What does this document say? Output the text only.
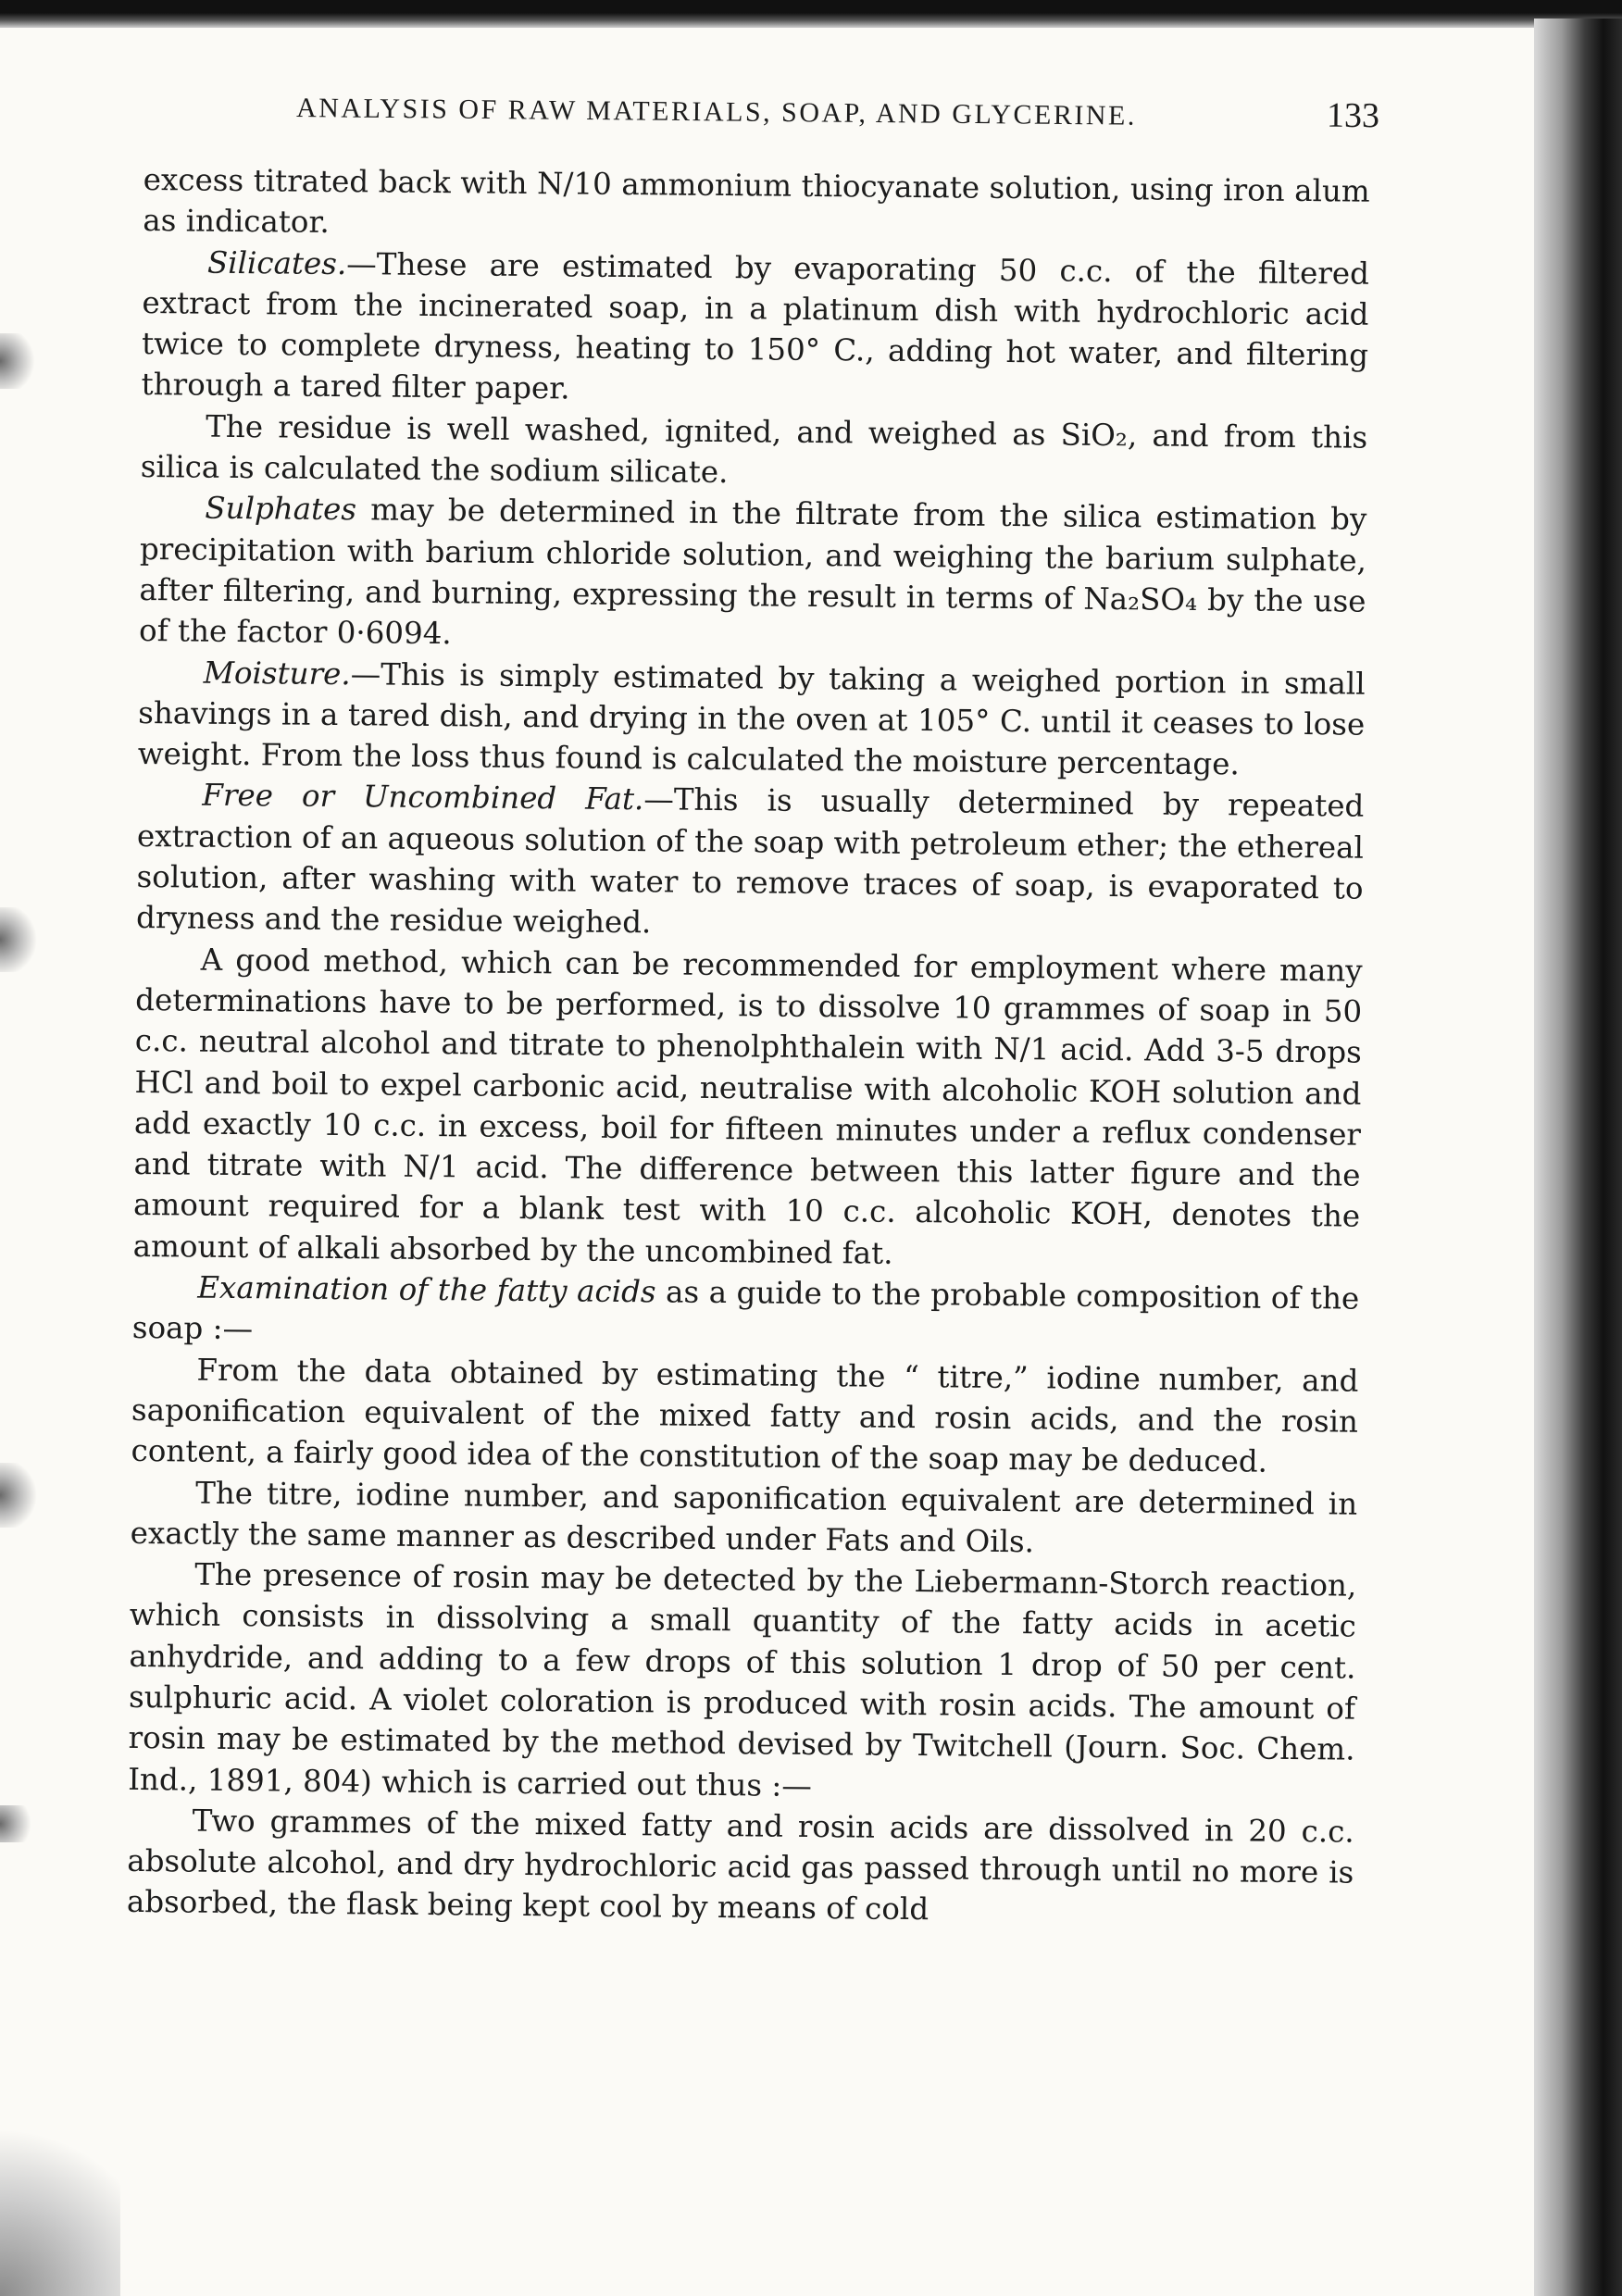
ANALYSIS OF RAW MATERIALS, SOAP, AND GLYCERINE.	133

excess titrated back with N/10 ammonium thiocyanate solution, using iron alum as indicator.

Silicates.—These are estimated by evaporating 50 c.c. of the filtered extract from the incinerated soap, in a platinum dish with hydrochloric acid twice to complete dryness, heating to 150° C., adding hot water, and filtering through a tared filter paper.

The residue is well washed, ignited, and weighed as SiO₂, and from this silica is calculated the sodium silicate.

Sulphates may be determined in the filtrate from the silica estimation by precipitation with barium chloride solution, and weighing the barium sulphate, after filtering, and burning, expressing the result in terms of Na₂SO₄ by the use of the factor 0·6094.

Moisture.—This is simply estimated by taking a weighed portion in small shavings in a tared dish, and drying in the oven at 105° C. until it ceases to lose weight. From the loss thus found is calculated the moisture percentage.

Free or Uncombined Fat.—This is usually determined by repeated extraction of an aqueous solution of the soap with petroleum ether; the ethereal solution, after washing with water to remove traces of soap, is evaporated to dryness and the residue weighed.

A good method, which can be recommended for employment where many determinations have to be performed, is to dissolve 10 grammes of soap in 50 c.c. neutral alcohol and titrate to phenolphthalein with N/1 acid. Add 3-5 drops HCl and boil to expel carbonic acid, neutralise with alcoholic KOH solution and add exactly 10 c.c. in excess, boil for fifteen minutes under a reflux condenser and titrate with N/1 acid. The difference between this latter figure and the amount required for a blank test with 10 c.c. alcoholic KOH, denotes the amount of alkali absorbed by the uncombined fat.

Examination of the fatty acids as a guide to the probable composition of the soap :—

From the data obtained by estimating the “ titre,” iodine number, and saponification equivalent of the mixed fatty and rosin acids, and the rosin content, a fairly good idea of the constitution of the soap may be deduced.

The titre, iodine number, and saponification equivalent are determined in exactly the same manner as described under Fats and Oils.

The presence of rosin may be detected by the Liebermann-Storch reaction, which consists in dissolving a small quantity of the fatty acids in acetic anhydride, and adding to a few drops of this solution 1 drop of 50 per cent. sulphuric acid. A violet coloration is produced with rosin acids. The amount of rosin may be estimated by the method devised by Twitchell (Journ. Soc. Chem. Ind., 1891, 804) which is carried out thus :—

Two grammes of the mixed fatty and rosin acids are dissolved in 20 c.c. absolute alcohol, and dry hydrochloric acid gas passed through until no more is absorbed, the flask being kept cool by means of cold
